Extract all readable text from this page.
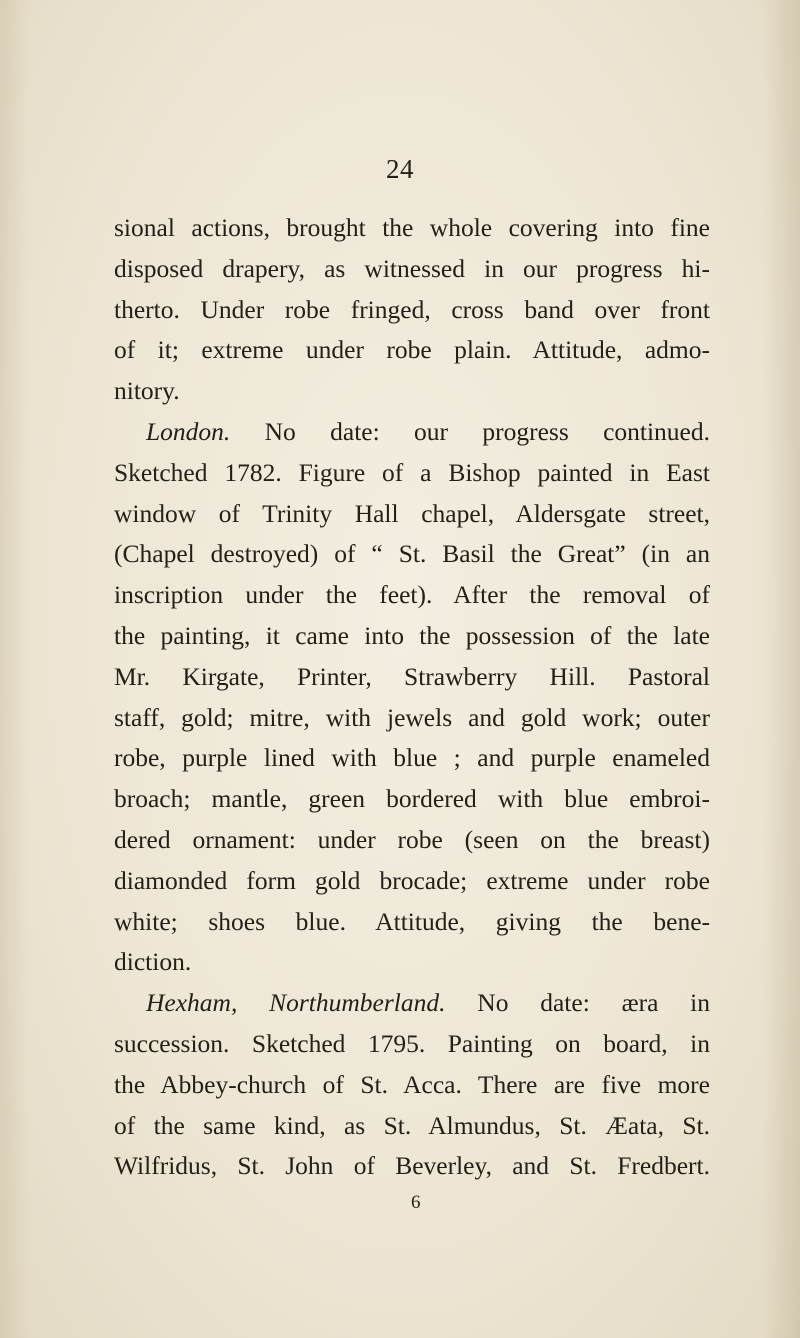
24
sional actions, brought the whole covering into fine
disposed drapery, as witnessed in our progress hi-
therto. Under robe fringed, cross band over front
of it; extreme under robe plain. Attitude, admo-
nitory.
London. No date: our progress continued.
Sketched 1782. Figure of a Bishop painted in East
window of Trinity Hall chapel, Aldersgate street,
(Chapel destroyed) of “ St. Basil the Great” (in an
inscription under the feet). After the removal of
the painting, it came into the possession of the late
Mr. Kirgate, Printer, Strawberry Hill. Pastoral
staff, gold; mitre, with jewels and gold work; outer
robe, purple lined with blue ; and purple enameled
broach; mantle, green bordered with blue embroi-
dered ornament: under robe (seen on the breast)
diamonded form gold brocade; extreme under robe
white; shoes blue. Attitude, giving the bene-
diction.
Hexham, Northumberland. No date: æra in
succession. Sketched 1795. Painting on board, in
the Abbey-church of St. Acca. There are five more
of the same kind, as St. Almundus, St. Æata, St.
Wilfridus, St. John of Beverley, and St. Fredbert.
6
